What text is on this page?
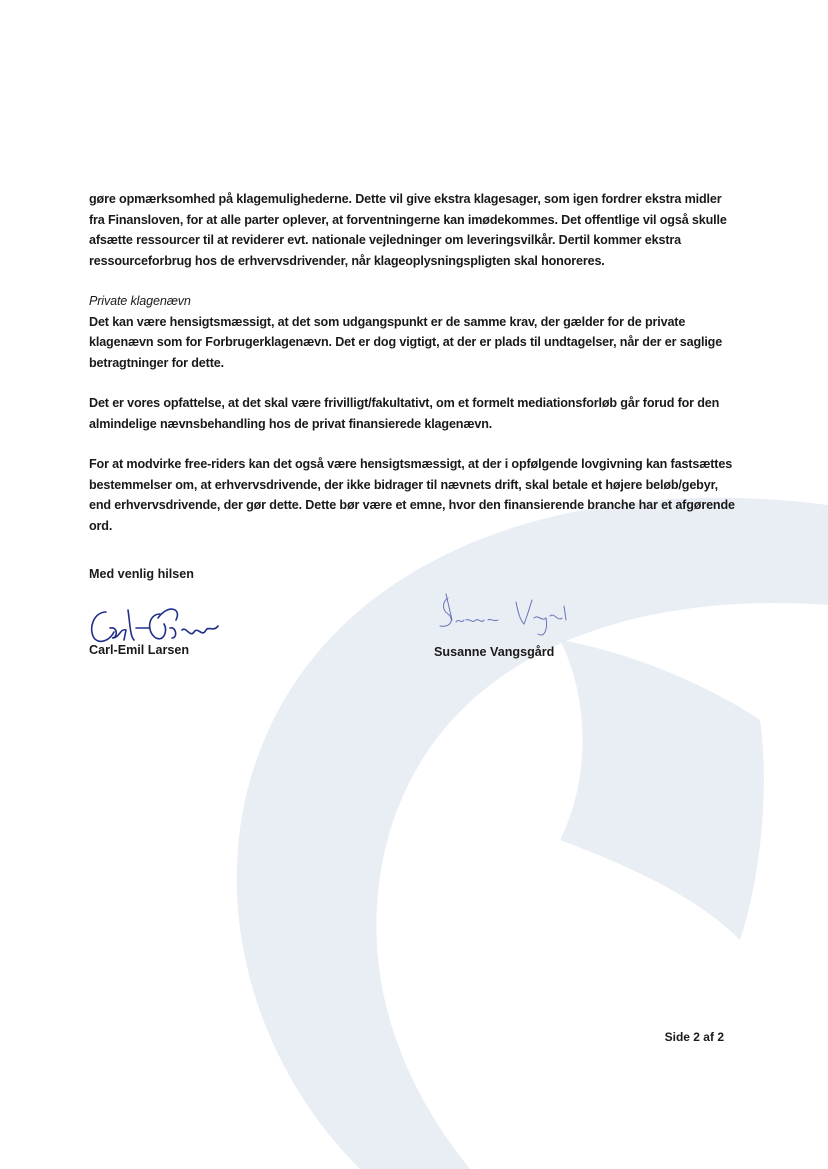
gøre opmærksomhed på klagemulighederne. Dette vil give ekstra klagesager, som igen fordrer ekstra midler fra Finansloven, for at alle parter oplever, at forventningerne kan imødekommes. Det offentlige vil også skulle afsætte ressourcer til at reviderer evt. nationale vejledninger om leveringsvilkår. Dertil kommer ekstra ressourceforbrug hos de erhvervsdrivender, når klageoplysningspligten skal honoreres.

Private klagenævn
Det kan være hensigtsmæssigt, at det som udgangspunkt er de samme krav, der gælder for de private klagenævn som for Forbrugerklagenævn. Det er dog vigtigt, at der er plads til undtagelser, når der er saglige betragtninger for dette.

Det er vores opfattelse, at det skal være frivilligt/fakultativt, om et formelt mediationsforløb går forud for den almindelige nævnsbehandling hos de privat finansierede klagenævn.

For at modvirke free-riders kan det også være hensigtsmæssigt, at der i opfølgende lovgivning kan fastsættes bestemmelser om, at erhvervsdrivende, der ikke bidrager til nævnets drift, skal betale et højere beløb/gebyr, end erhvervsdrivende, der gør dette. Dette bør være et emne, hvor den finansierende branche har et afgørende ord.

Med venlig hilsen
Carl-Emil Larsen	Susanne Vangsgård
Side 2 af 2
